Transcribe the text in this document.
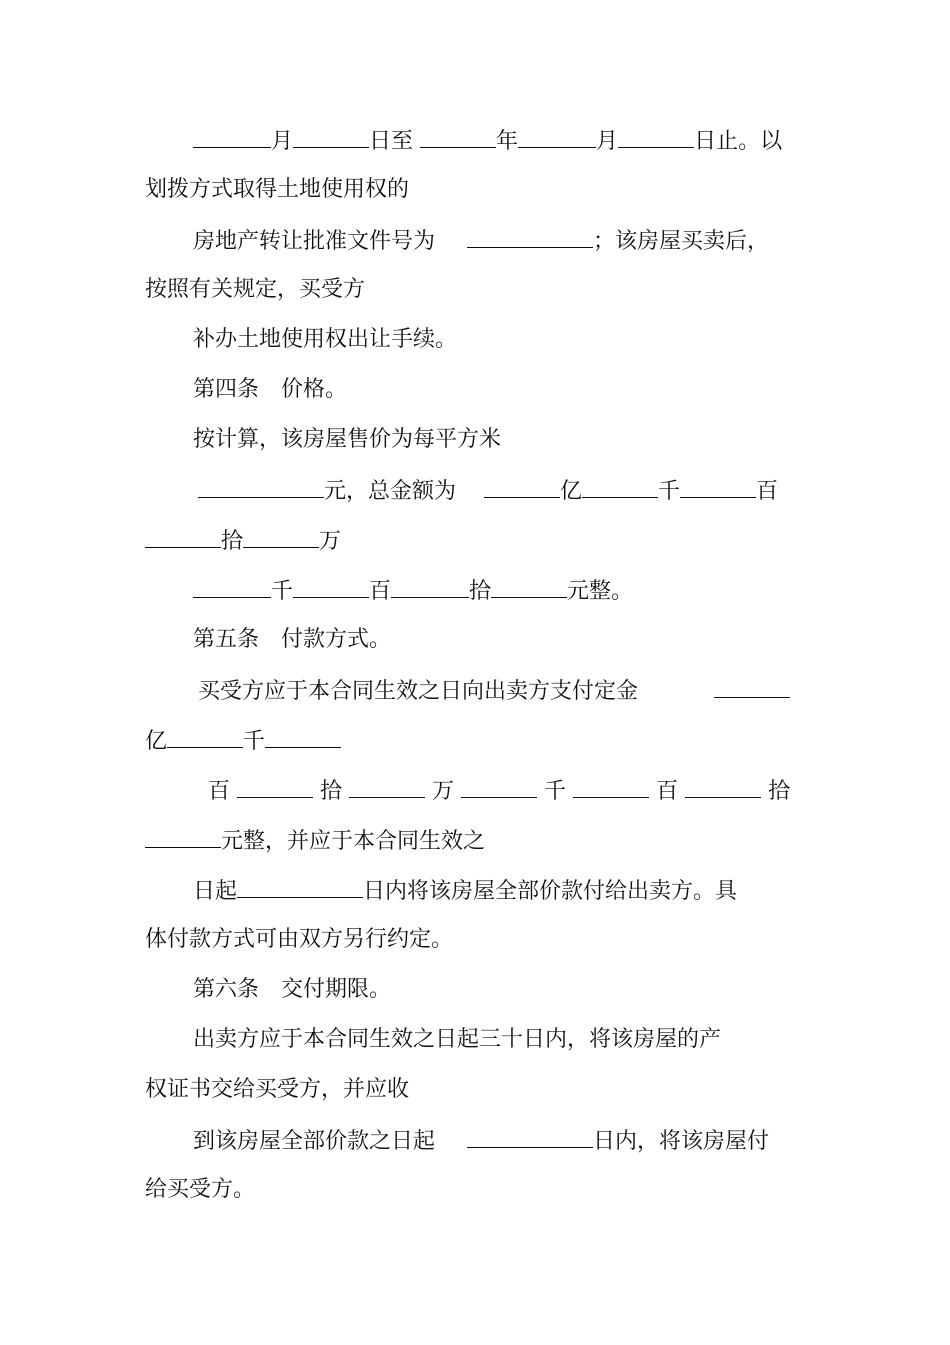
月	日至	年	月	日止。以
划拨方式取得土地使用权的
房地产转让批准文件号为	；该房屋买卖后，
按照有关规定，买受方
补办土地使用权出让手续。
第四条　价格。
按计算，该房屋售价为每平方米
元，总金额为	亿	千	百
拾	万
千	百	拾	元整。
第五条　付款方式。
买受方应于本合同生效之日向出卖方支付定金
亿	千
百	拾	万	千	百	拾
元整，并应于本合同生效之
日起	日内将该房屋全部价款付给出卖方。具
体付款方式可由双方另行约定。
第六条　交付期限。
出卖方应于本合同生效之日起三十日内，将该房屋的产
权证书交给买受方，并应收
到该房屋全部价款之日起	日内，将该房屋付
给买受方。
